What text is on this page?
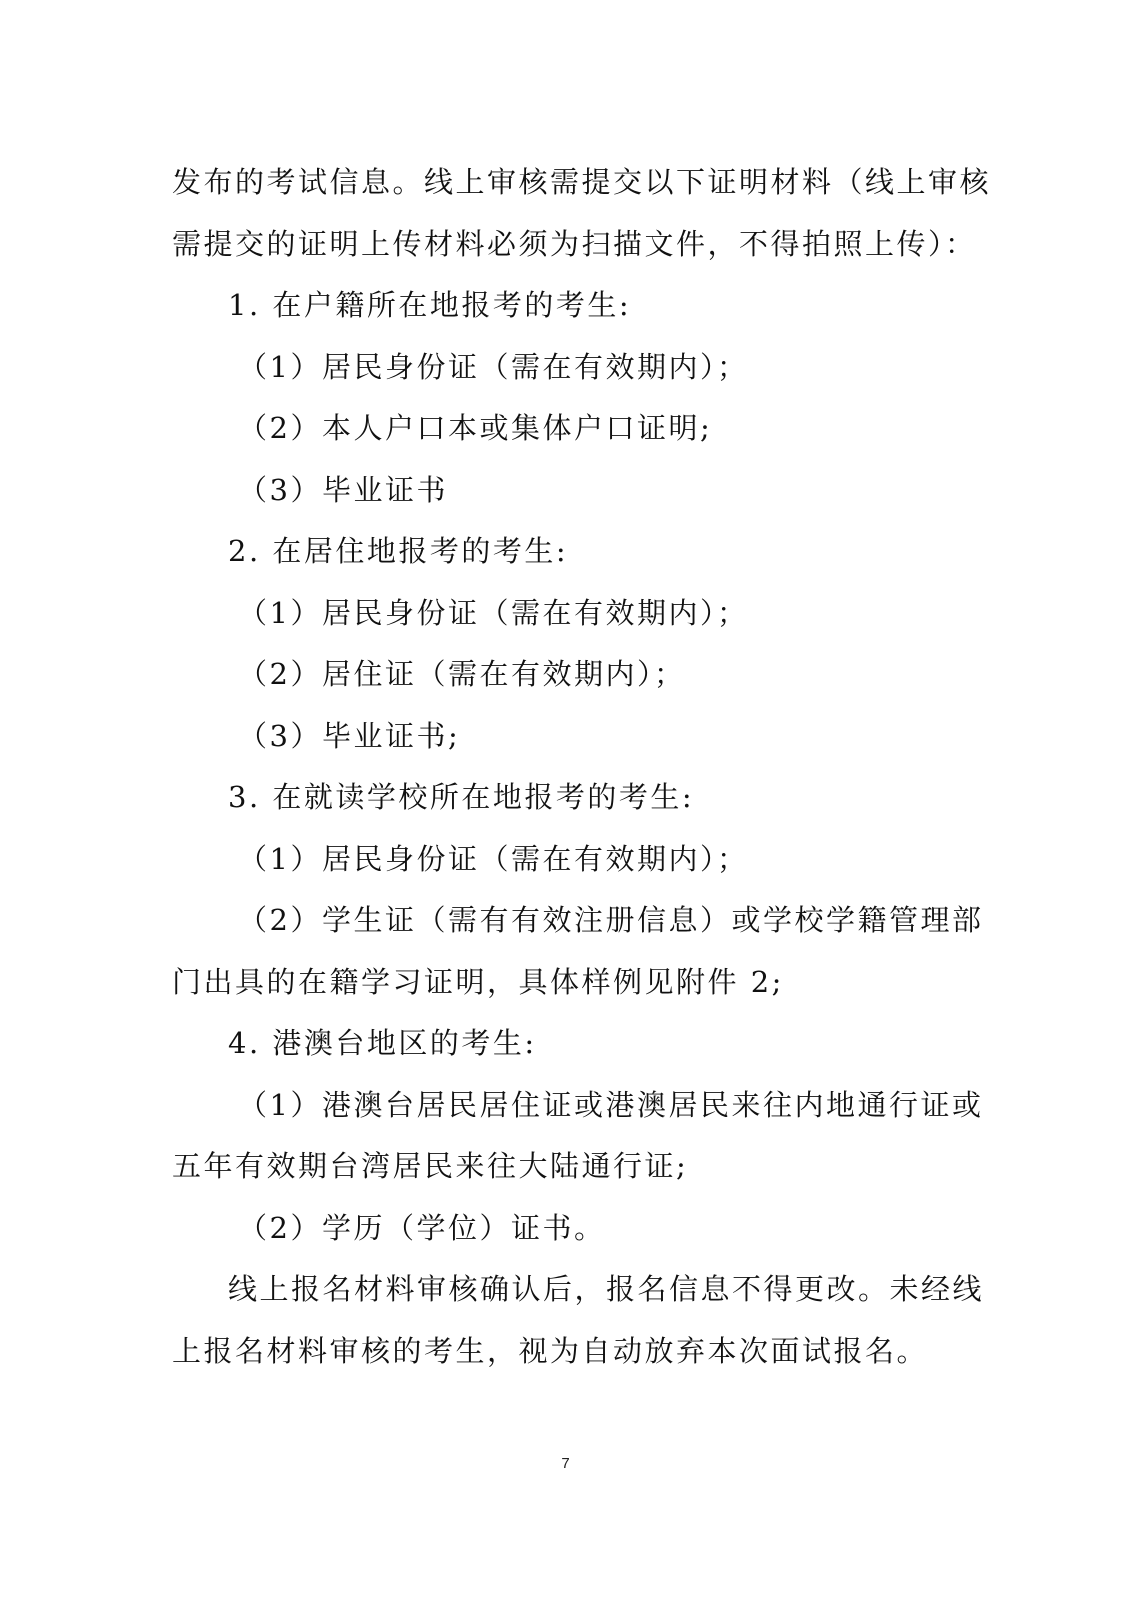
发布的考试信息。线上审核需提交以下证明材料（线上审核
需提交的证明上传材料必须为扫描文件，不得拍照上传）：
1. 在户籍所在地报考的考生:
（1）居民身份证（需在有效期内）；
（2）本人户口本或集体户口证明;
（3）毕业证书
2. 在居住地报考的考生:
（1）居民身份证（需在有效期内）；
（2）居住证（需在有效期内）；
（3）毕业证书;
3. 在就读学校所在地报考的考生:
（1）居民身份证（需在有效期内）；
（2）学生证（需有有效注册信息）或学校学籍管理部
门出具的在籍学习证明，具体样例见附件 2;
4. 港澳台地区的考生:
（1）港澳台居民居住证或港澳居民来往内地通行证或
五年有效期台湾居民来往大陆通行证;
（2）学历（学位）证书。
线上报名材料审核确认后，报名信息不得更改。未经线
上报名材料审核的考生，视为自动放弃本次面试报名。
7
